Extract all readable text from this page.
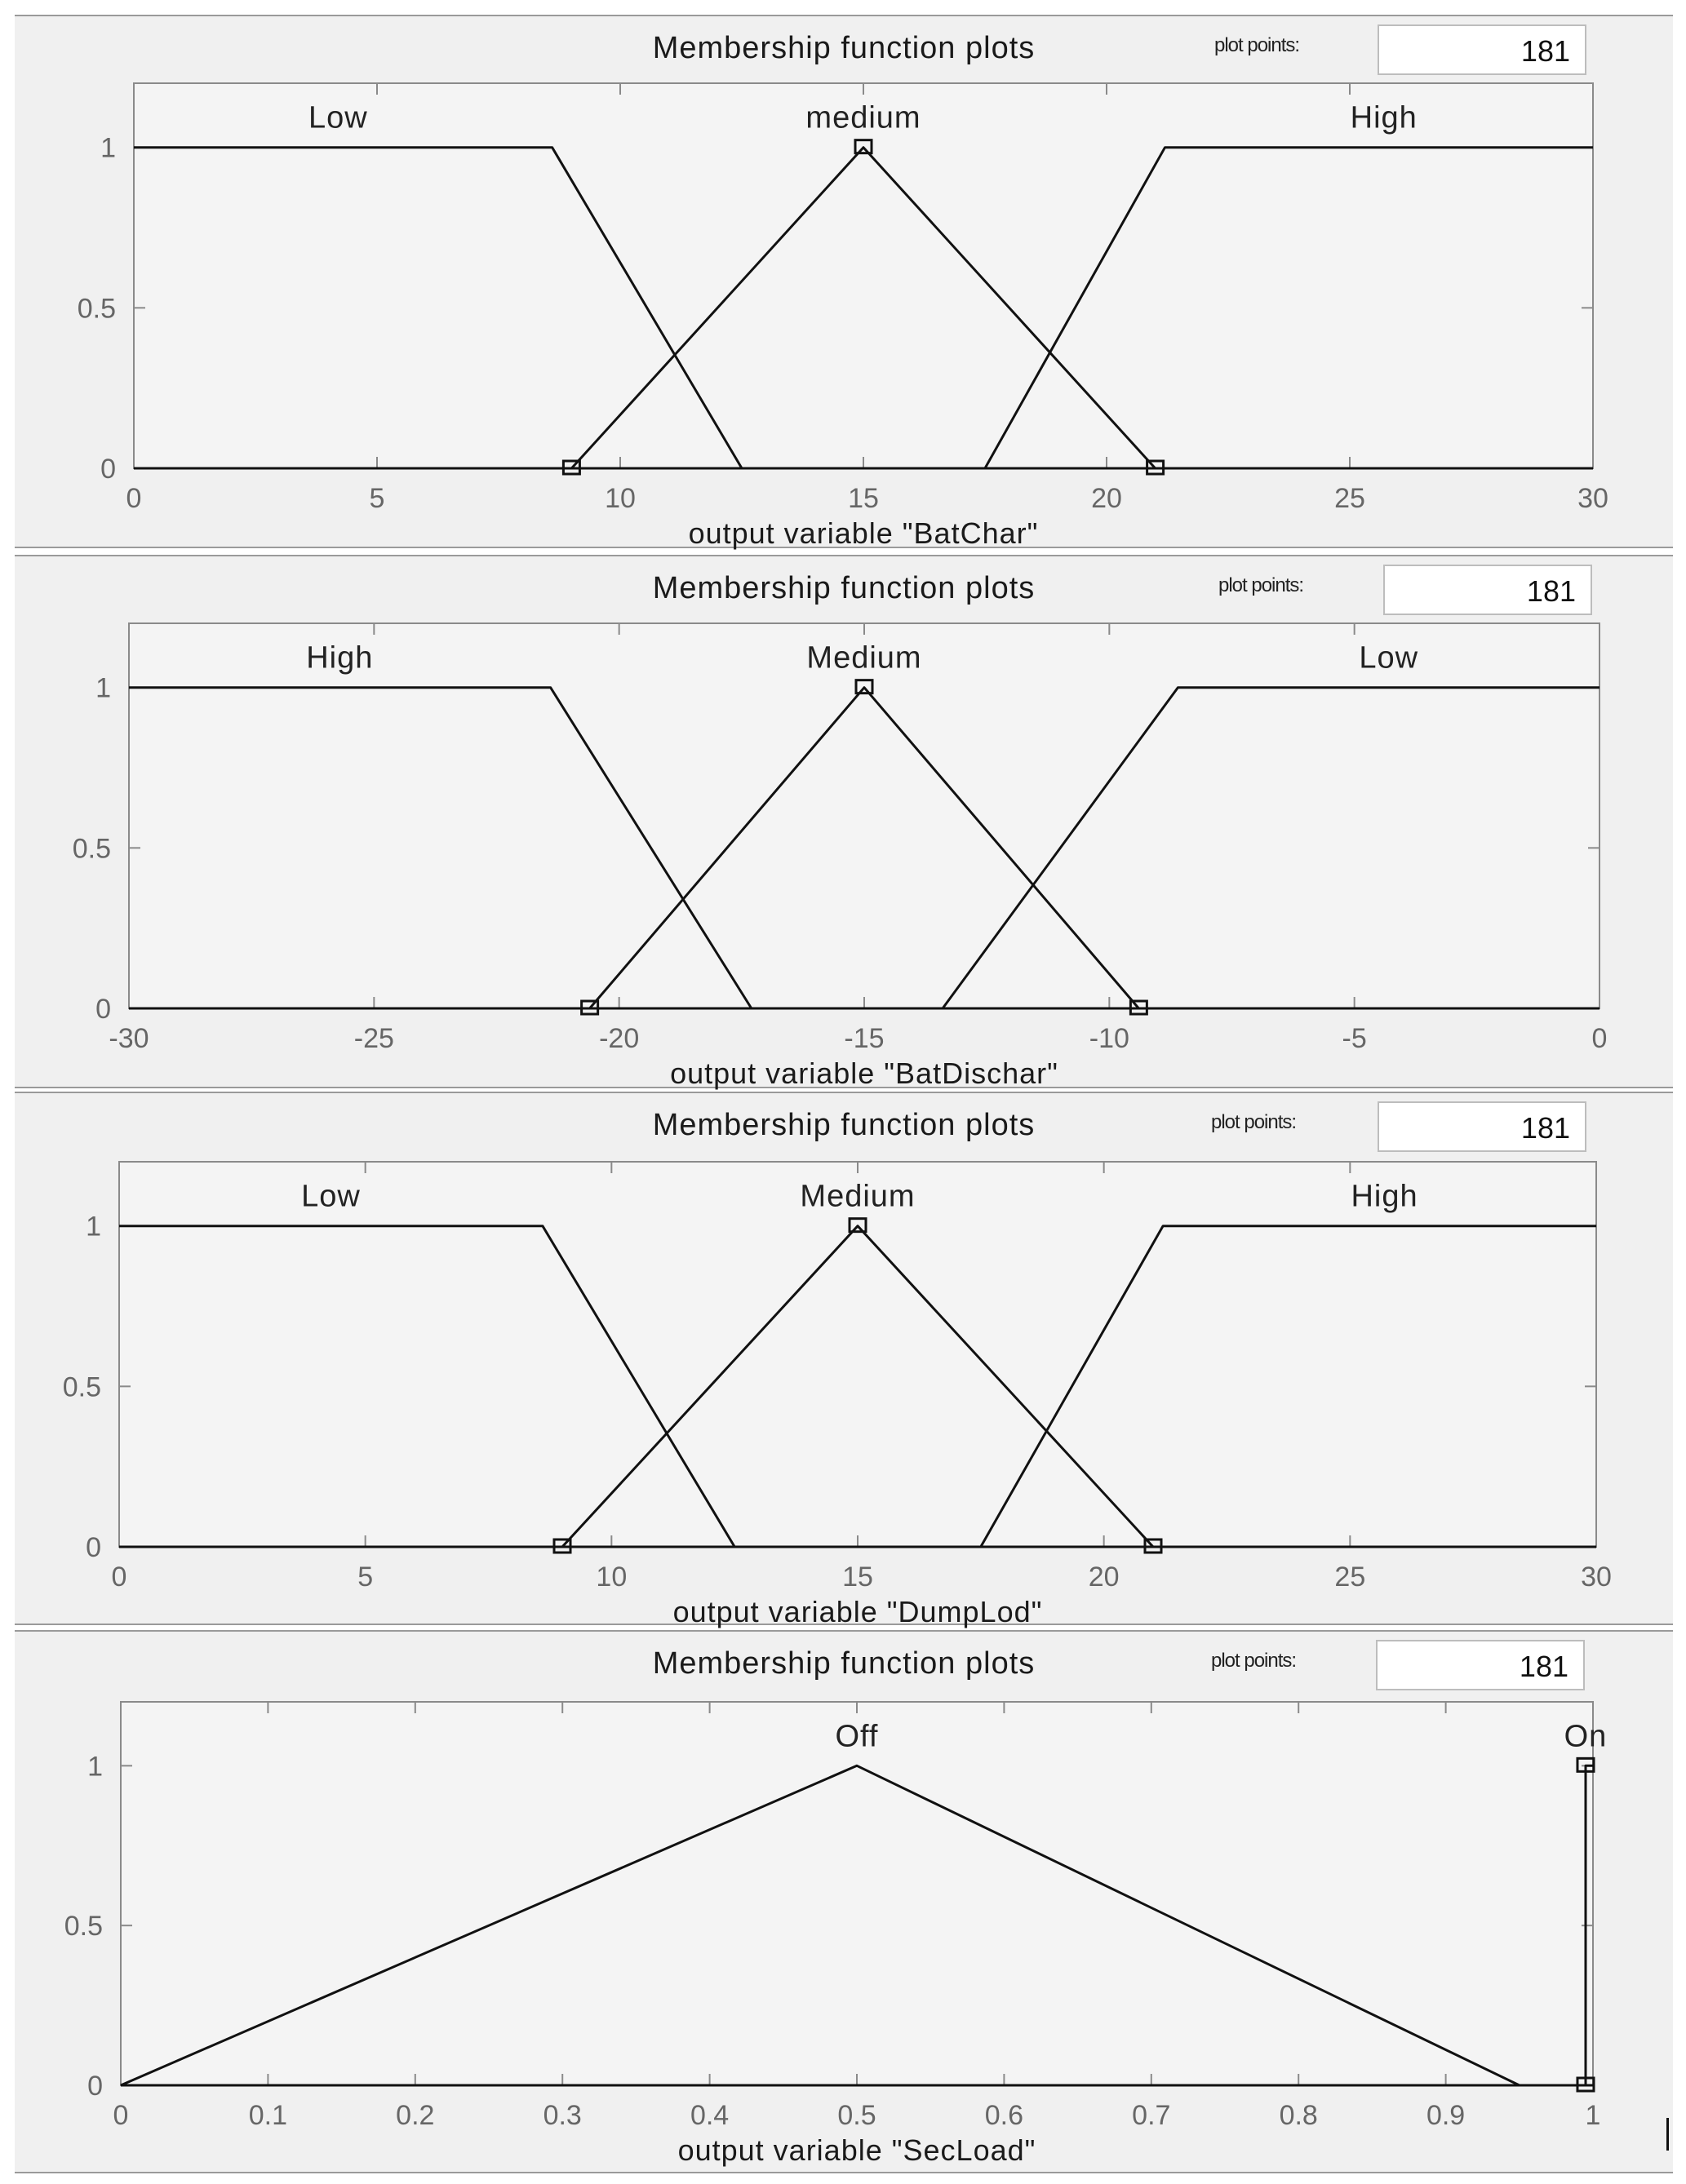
Membership function plots	plot points:	181
0
0.5
1
0	5	10	15	20	25	30
Low	medium	High
output variable "BatChar"
Membership function plots	plot points:	181
0
0.5
1
-30	-25	-20	-15	-10	-5	0
High	Medium	Low
output variable "BatDischar"
Membership function plots	plot points:	181
0
0.5
1
0	5	10	15	20	25	30
Low	Medium	High
output variable "DumpLod"
Membership function plots	plot points:	181
0
0.5
1
0	0.1	0.2	0.3	0.4	0.5	0.6	0.7	0.8	0.9	1
Off	On
output variable "SecLoad"
